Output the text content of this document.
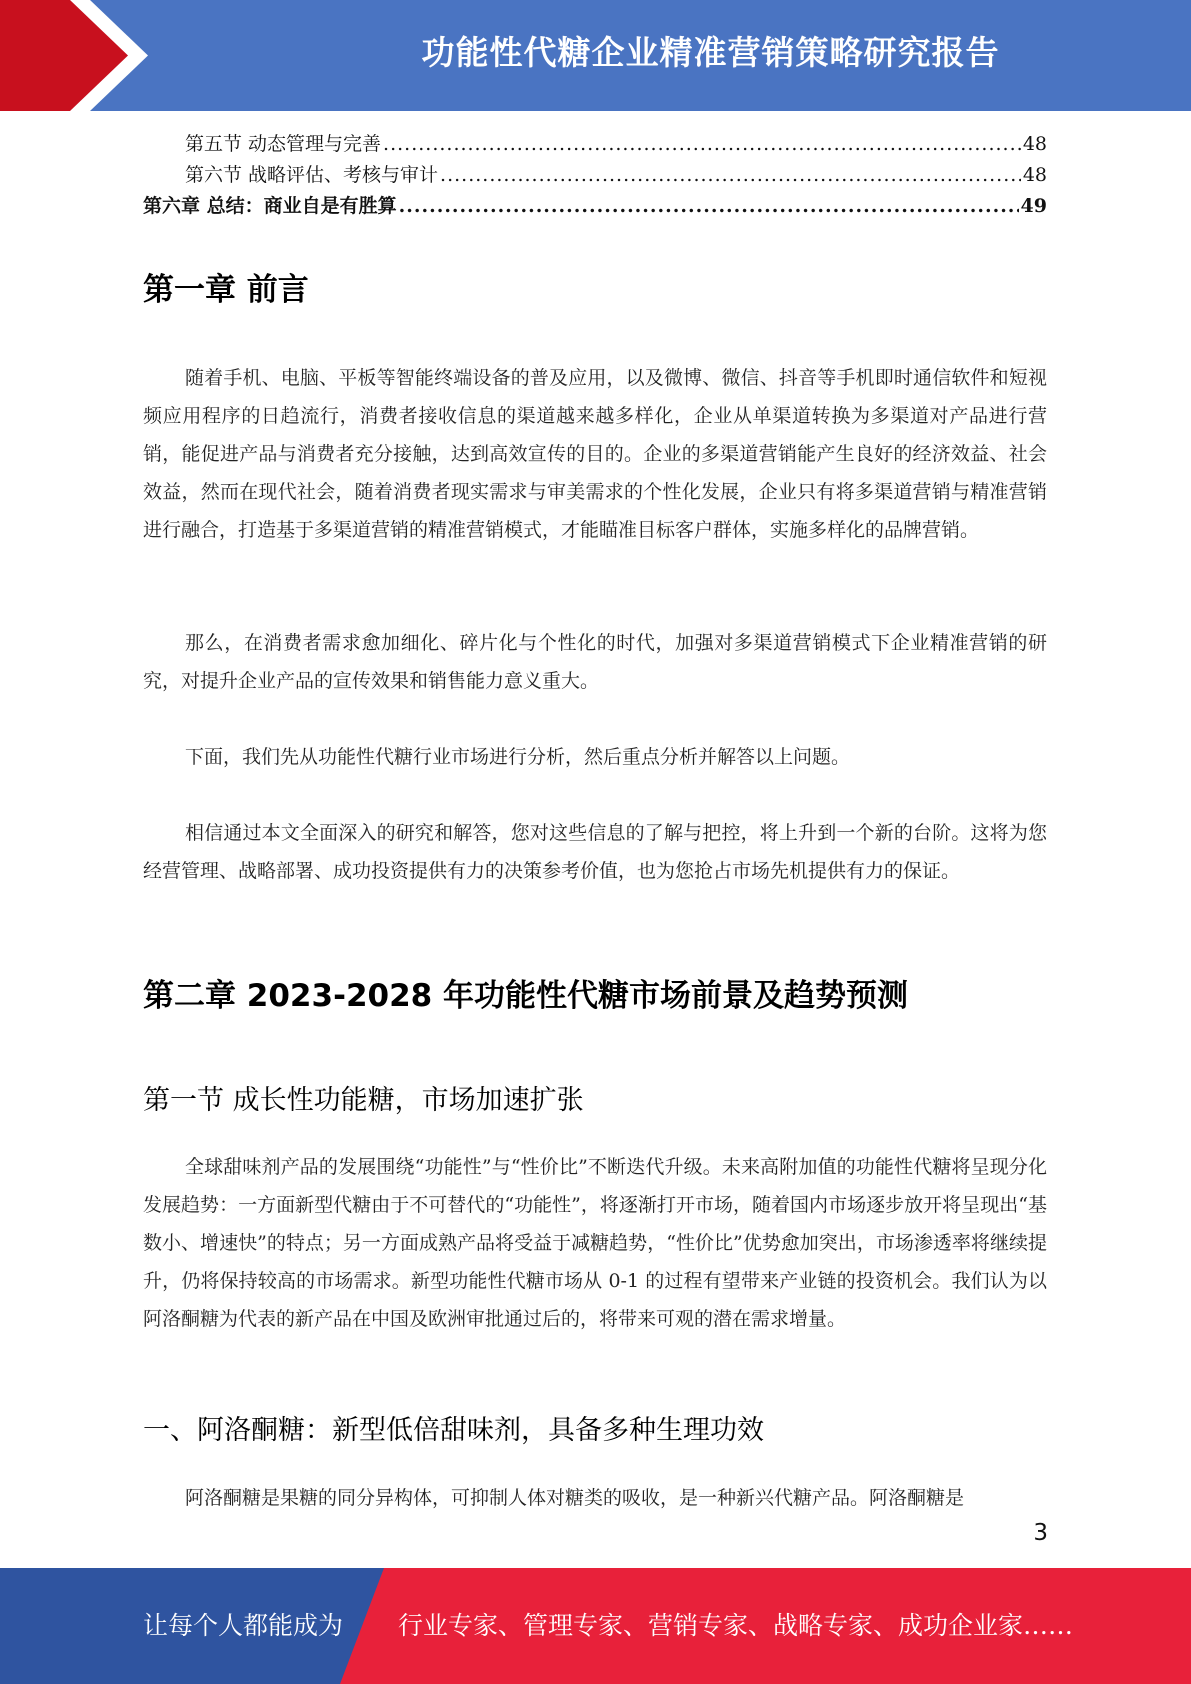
功能性代糖企业精准营销策略研究报告
第五节 动态管理与完善 .....	48
第六节 战略评估、考核与审计 .....	48
第六章 总结：商业自是有胜算 .....	49
第一章 前言

随着手机、电脑、平板等智能终端设备的普及应用，以及微博、微信、抖音等手机即时通信软件和短视频应用程序的日趋流行，消费者接收信息的渠道越来越多样化，企业从单渠道转换为多渠道对产品进行营销，能促进产品与消费者充分接触，达到高效宣传的目的。企业的多渠道营销能产生良好的经济效益、社会效益，然而在现代社会，随着消费者现实需求与审美需求的个性化发展，企业只有将多渠道营销与精准营销进行融合，打造基于多渠道营销的精准营销模式，才能瞄准目标客户群体，实施多样化的品牌营销。

那么，在消费者需求愈加细化、碎片化与个性化的时代，加强对多渠道营销模式下企业精准营销的研究，对提升企业产品的宣传效果和销售能力意义重大。

下面，我们先从功能性代糖行业市场进行分析，然后重点分析并解答以上问题。

相信通过本文全面深入的研究和解答，您对这些信息的了解与把控，将上升到一个新的台阶。这将为您经营管理、战略部署、成功投资提供有力的决策参考价值，也为您抢占市场先机提供有力的保证。

第二章 2023-2028 年功能性代糖市场前景及趋势预测
第一节 成长性功能糖，市场加速扩张

全球甜味剂产品的发展围绕“功能性”与“性价比”不断迭代升级。未来高附加值的功能性代糖将呈现分化发展趋势：一方面新型代糖由于不可替代的“功能性”，将逐渐打开市场，随着国内市场逐步放开将呈现出“基数小、增速快”的特点；另一方面成熟产品将受益于减糖趋势，“性价比”优势愈加突出，市场渗透率将继续提升，仍将保持较高的市场需求。新型功能性代糖市场从 0-1 的过程有望带来产业链的投资机会。我们认为以阿洛酮糖为代表的新产品在中国及欧洲审批通过后的，将带来可观的潜在需求增量。

一、阿洛酮糖：新型低倍甜味剂，具备多种生理功效

阿洛酮糖是果糖的同分异构体，可抑制人体对糖类的吸收，是一种新兴代糖产品。阿洛酮糖是

3
让每个人都能成为 行业专家、管理专家、营销专家、战略专家、成功企业家……
